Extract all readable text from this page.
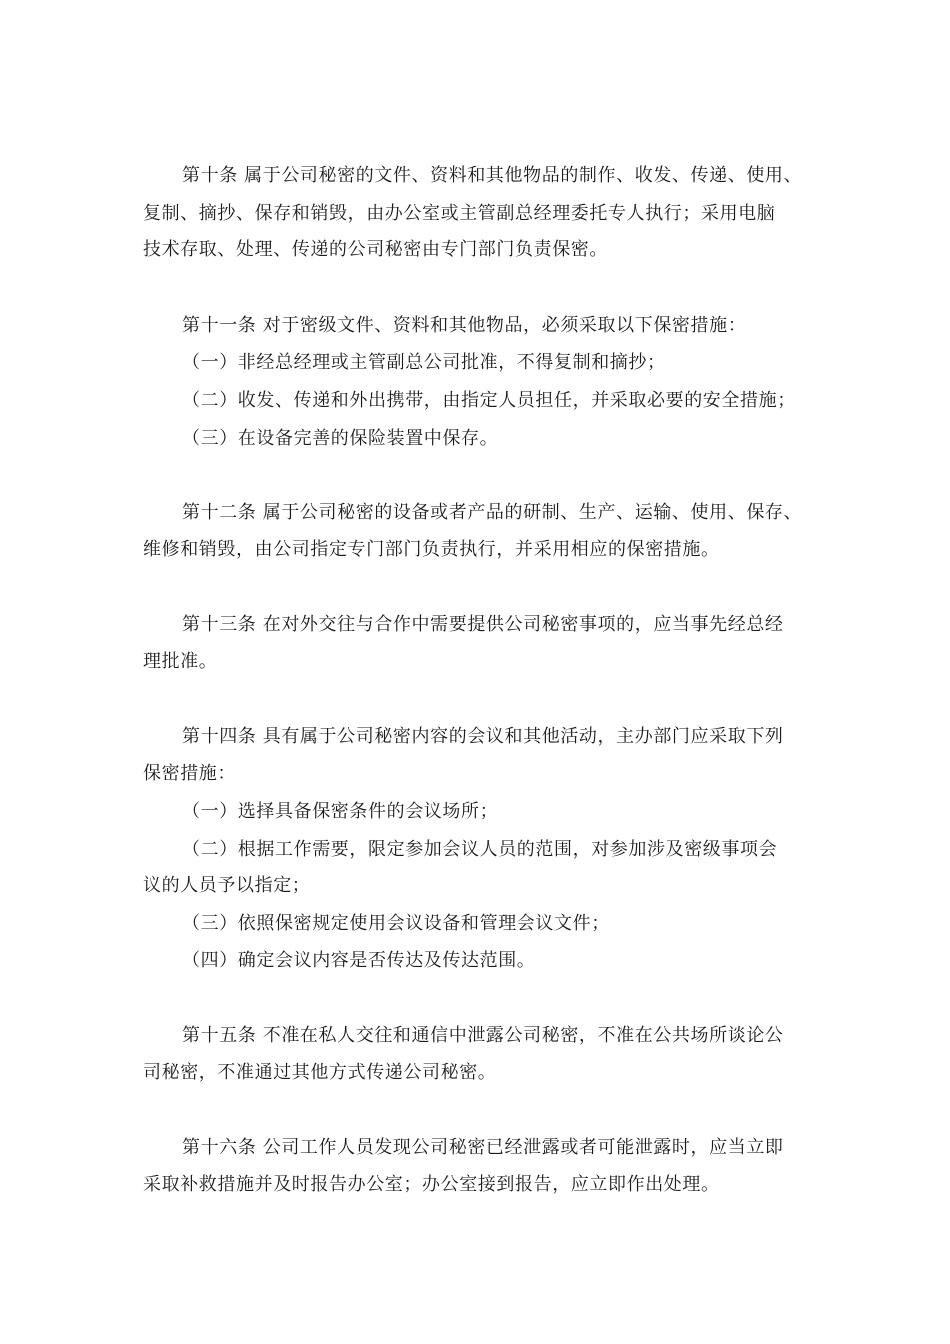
第十条 属于公司秘密的文件、资料和其他物品的制作、收发、传递、使用、
复制、摘抄、保存和销毁，由办公室或主管副总经理委托专人执行；采用电脑
技术存取、处理、传递的公司秘密由专门部门负责保密。
第十一条 对于密级文件、资料和其他物品，必须采取以下保密措施：
（一）非经总经理或主管副总公司批准，不得复制和摘抄；
（二）收发、传递和外出携带，由指定人员担任，并采取必要的安全措施；
（三）在设备完善的保险装置中保存。
第十二条 属于公司秘密的设备或者产品的研制、生产、运输、使用、保存、
维修和销毁，由公司指定专门部门负责执行，并采用相应的保密措施。
第十三条 在对外交往与合作中需要提供公司秘密事项的，应当事先经总经
理批准。
第十四条 具有属于公司秘密内容的会议和其他活动，主办部门应采取下列
保密措施：
（一）选择具备保密条件的会议场所；
（二）根据工作需要，限定参加会议人员的范围，对参加涉及密级事项会
议的人员予以指定；
（三）依照保密规定使用会议设备和管理会议文件；
（四）确定会议内容是否传达及传达范围。
第十五条 不准在私人交往和通信中泄露公司秘密，不准在公共场所谈论公
司秘密，不准通过其他方式传递公司秘密。
第十六条 公司工作人员发现公司秘密已经泄露或者可能泄露时，应当立即
采取补救措施并及时报告办公室；办公室接到报告，应立即作出处理。
